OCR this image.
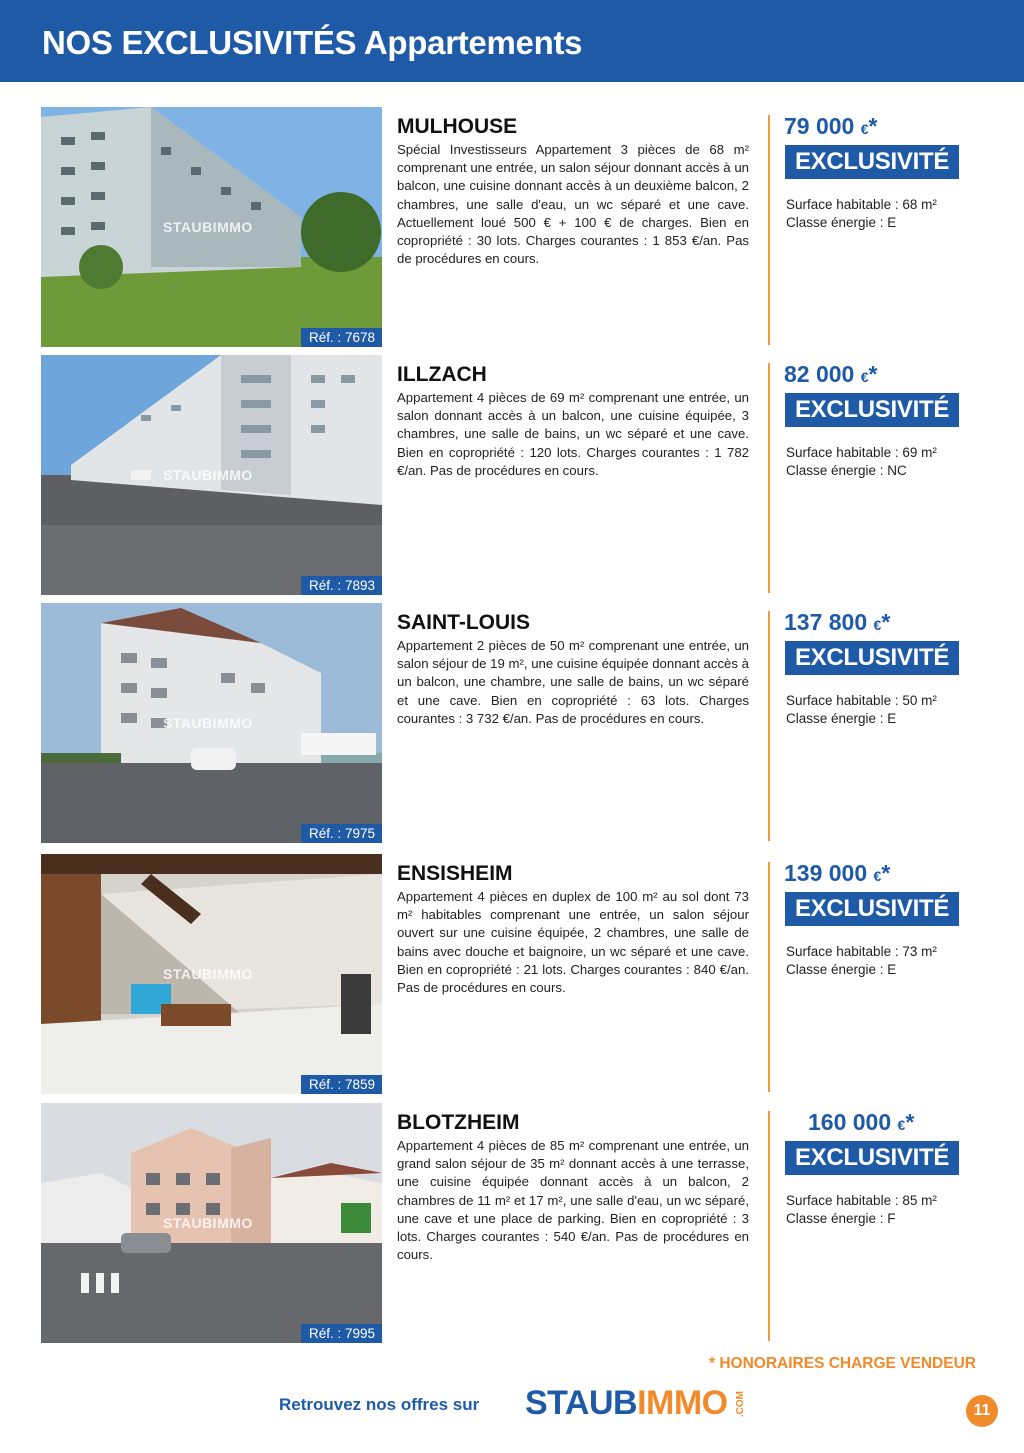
NOS EXCLUSIVITÉS Appartements
STAUBIMMO
Réf. : 7678
MULHOUSE

Spécial Investisseurs Appartement 3 pièces de 68 m² comprenant une entrée, un salon séjour donnant accès à un balcon, une cuisine donnant accès à un deuxième balcon, 2 chambres, une salle d'eau, un wc séparé et une cave. Actuellement loué 500 € + 100 € de charges. Bien en copropriété : 30 lots. Charges courantes : 1 853 €/an. Pas de procédures en cours.

79 000 €*
EXCLUSIVITÉ
Surface habitable : 68 m²
Classe énergie : E
STAUBIMMO
Réf. : 7893
ILLZACH

Appartement 4 pièces de 69 m² comprenant une entrée, un salon donnant accès à un balcon, une cuisine équipée, 3 chambres, une salle de bains, un wc séparé et une cave. Bien en copropriété : 120 lots. Charges courantes : 1 782 €/an. Pas de procédures en cours.

82 000 €*
EXCLUSIVITÉ
Surface habitable : 69 m²
Classe énergie : NC
STAUBIMMO
Réf. : 7975
SAINT-LOUIS

Appartement 2 pièces de 50 m² comprenant une entrée, un salon séjour de 19 m², une cuisine équipée donnant accès à un balcon, une chambre, une salle de bains, un wc séparé et une cave. Bien en copropriété : 63 lots. Charges courantes : 3 732 €/an. Pas de procédures en cours.

137 800 €*
EXCLUSIVITÉ
Surface habitable : 50 m²
Classe énergie : E
STAUBIMMO
Réf. : 7859
ENSISHEIM

Appartement 4 pièces en duplex de 100 m² au sol dont 73 m² habitables comprenant une entrée, un salon séjour ouvert sur une cuisine équipée, 2 chambres, une salle de bains avec douche et baignoire, un wc séparé et une cave. Bien en copropriété : 21 lots. Charges courantes : 840 €/an. Pas de procédures en cours.

139 000 €*
EXCLUSIVITÉ
Surface habitable : 73 m²
Classe énergie : E
STAUBIMMO
Réf. : 7995
BLOTZHEIM

Appartement 4 pièces de 85 m² comprenant une entrée, un grand salon séjour de 35 m² donnant accès à une terrasse, une cuisine équipée donnant accès à un balcon, 2 chambres de 11 m² et 17 m², une salle d'eau, un wc séparé, une cave et une place de parking. Bien en copropriété : 3 lots. Charges courantes : 540 €/an. Pas de procédures en cours.

160 000 €*
EXCLUSIVITÉ
Surface habitable : 85 m²
Classe énergie : F
* HONORAIRES CHARGE VENDEUR
Retrouvez nos offres sur STAUBIMMO .COM	11
